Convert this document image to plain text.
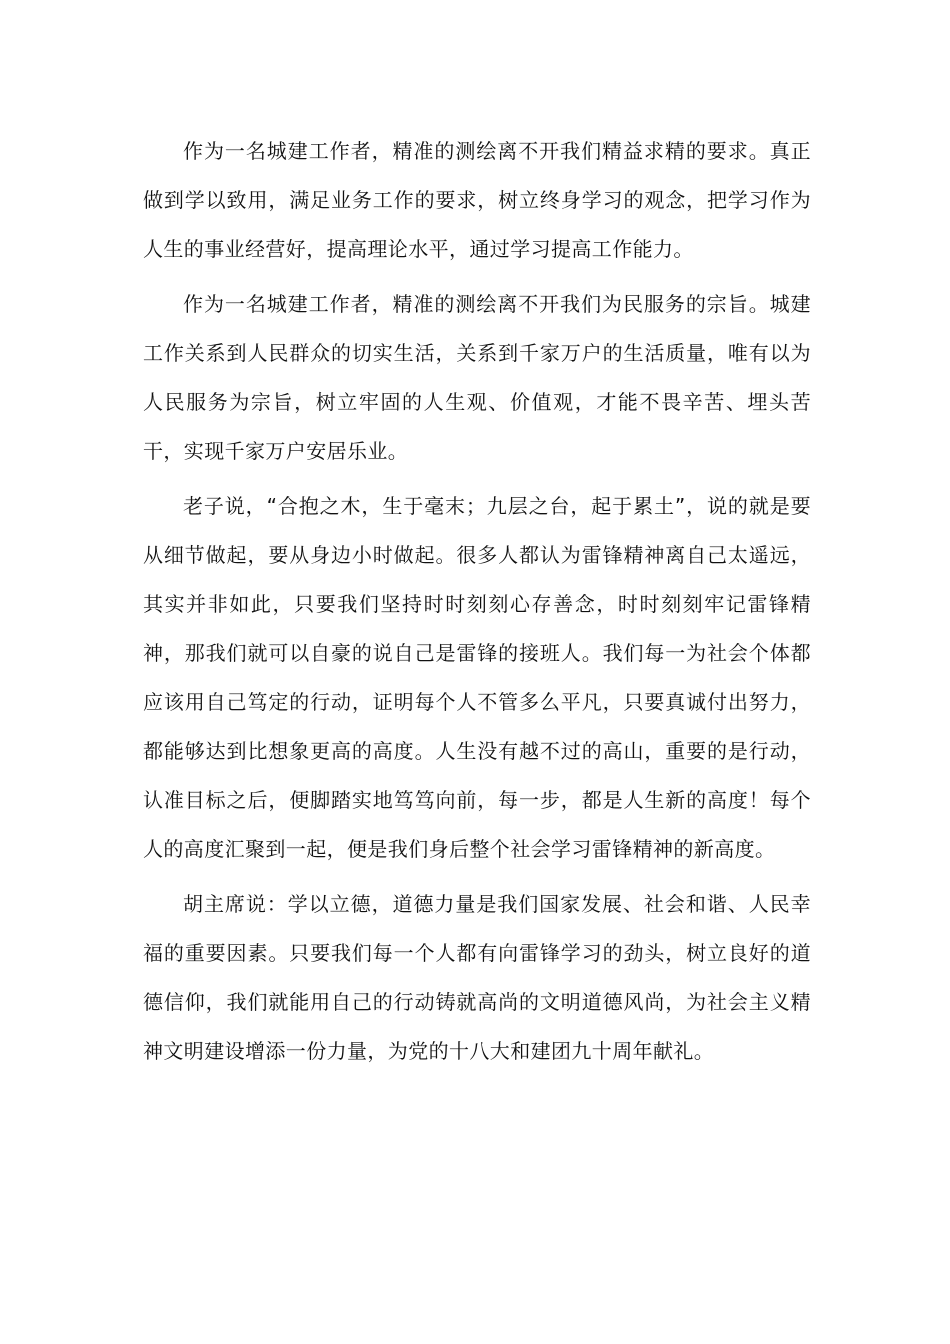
作为一名城建工作者，精准的测绘离不开我们精益求精的要求。真正做到学以致用，满足业务工作的要求，树立终身学习的观念，把学习作为人生的事业经营好，提高理论水平，通过学习提高工作能力。

作为一名城建工作者，精准的测绘离不开我们为民服务的宗旨。城建工作关系到人民群众的切实生活，关系到千家万户的生活质量，唯有以为人民服务为宗旨，树立牢固的人生观、价值观，才能不畏辛苦、埋头苦干，实现千家万户安居乐业。

老子说，“合抱之木，生于毫末；九层之台，起于累土”，说的就是要从细节做起，要从身边小时做起。很多人都认为雷锋精神离自己太遥远，其实并非如此，只要我们坚持时时刻刻心存善念，时时刻刻牢记雷锋精神，那我们就可以自豪的说自己是雷锋的接班人。我们每一为社会个体都应该用自己笃定的行动，证明每个人不管多么平凡，只要真诚付出努力，都能够达到比想象更高的高度。人生没有越不过的高山，重要的是行动，认准目标之后，便脚踏实地笃笃向前，每一步，都是人生新的高度！每个人的高度汇聚到一起，便是我们身后整个社会学习雷锋精神的新高度。

胡主席说：学以立德，道德力量是我们国家发展、社会和谐、人民幸福的重要因素。只要我们每一个人都有向雷锋学习的劲头，树立良好的道德信仰，我们就能用自己的行动铸就高尚的文明道德风尚，为社会主义精神文明建设增添一份力量，为党的十八大和建团九十周年献礼。
